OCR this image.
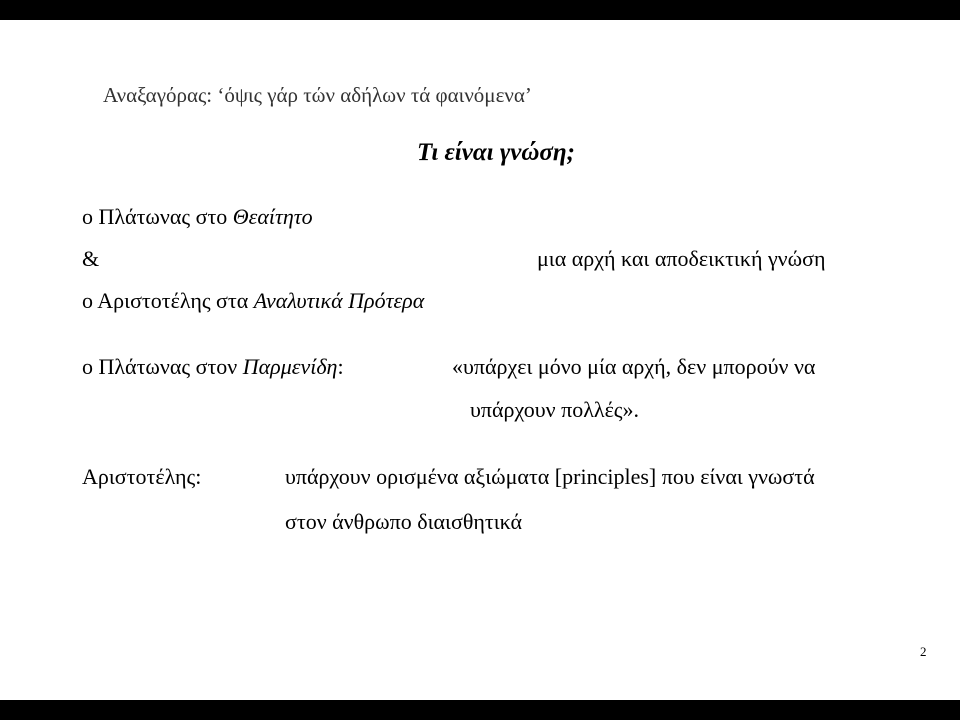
Αναξαγόρας: ‘όψις γάρ τών αδήλων τά φαινόμενα’
Τι είναι γνώση;
ο Πλάτωνας στο Θεαίτητο
&	μια αρχή και αποδεικτική γνώση
ο Αριστοτέλης στα Αναλυτικά Πρότερα
ο Πλάτωνας στον Παρμενίδη:	«υπάρχει μόνο μία αρχή, δεν μπορούν να
υπάρχουν πολλές».
Αριστοτέλης:	υπάρχουν ορισμένα αξιώματα [principles] που είναι γνωστά
στον άνθρωπο διαισθητικά
2
